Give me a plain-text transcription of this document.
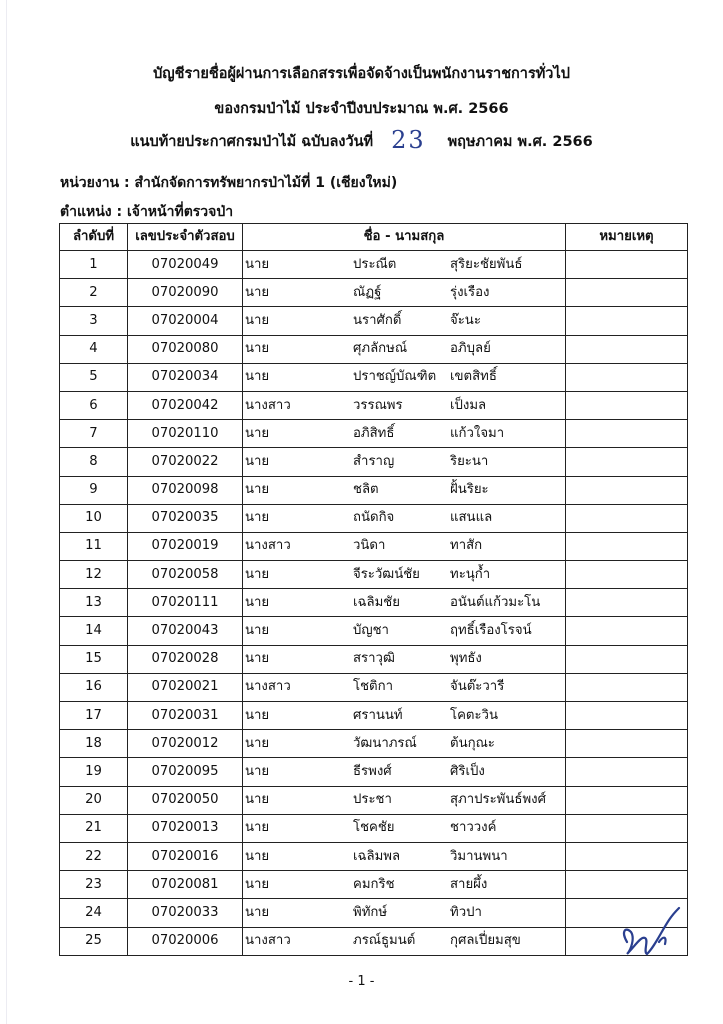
บัญชีรายชื่อผู้ผ่านการเลือกสรรเพื่อจัดจ้างเป็นพนักงานราชการทั่วไป
ของกรมป่าไม้ ประจำปีงบประมาณ พ.ศ. 2566
แนบท้ายประกาศกรมป่าไม้ ฉบับลงวันที่ 23 พฤษภาคม พ.ศ. 2566
หน่วยงาน : สำนักจัดการทรัพยากรป่าไม้ที่ 1 (เชียงใหม่)
ตำแหน่ง : เจ้าหน้าที่ตรวจป่า
ลำดับที่	เลขประจำตัวสอบ	ชื่อ - นามสกุล	หมายเหตุ
1	07020049	นาย ประณีต สุริยะชัยพันธ์	

2	07020090	นาย ณัฏฐ์ รุ่งเรือง	

3	07020004	นาย นราศักดิ์ จ๊ะนะ	

4	07020080	นาย ศุภลักษณ์ อภิบุลย์	

5	07020034	นาย ปราชญ์บัณฑิต เขตสิทธิ์	

6	07020042	นางสาว วรรณพร เป็งมล	

7	07020110	นาย อภิสิทธิ์ แก้วใจมา	

8	07020022	นาย สำราญ ริยะนา	

9	07020098	นาย ชลิต ฝั้นริยะ	

10	07020035	นาย ถนัดกิจ แสนแล	

11	07020019	นางสาว วนิดา ทาสัก	

12	07020058	นาย จีระวัฒน์ชัย ทะนุก้ำ	

13	07020111	นาย เฉลิมชัย อนันต์แก้วมะโน	

14	07020043	นาย บัญชา ฤทธิ์เรืองโรจน์	

15	07020028	นาย สราวุฒิ พุทธัง	

16	07020021	นางสาว โชติกา จันต๊ะวารี	

17	07020031	นาย ศรานนท์ โคตะวิน	

18	07020012	นาย วัฒนาภรณ์ ต้นกุณะ	

19	07020095	นาย ธีรพงศ์ ศิริเป็ง	

20	07020050	นาย ประชา สุภาประพันธ์พงศ์	

21	07020013	นาย โชคชัย ชาววงค์	

22	07020016	นาย เฉลิมพล วิมานพนา	

23	07020081	นาย คมกริช สายผึ้ง	

24	07020033	นาย พิทักษ์ ทิวปา	

25	07020006	นางสาว ภรณ์ธูมนต์ กุศลเปี่ยมสุข	

- 1 -
